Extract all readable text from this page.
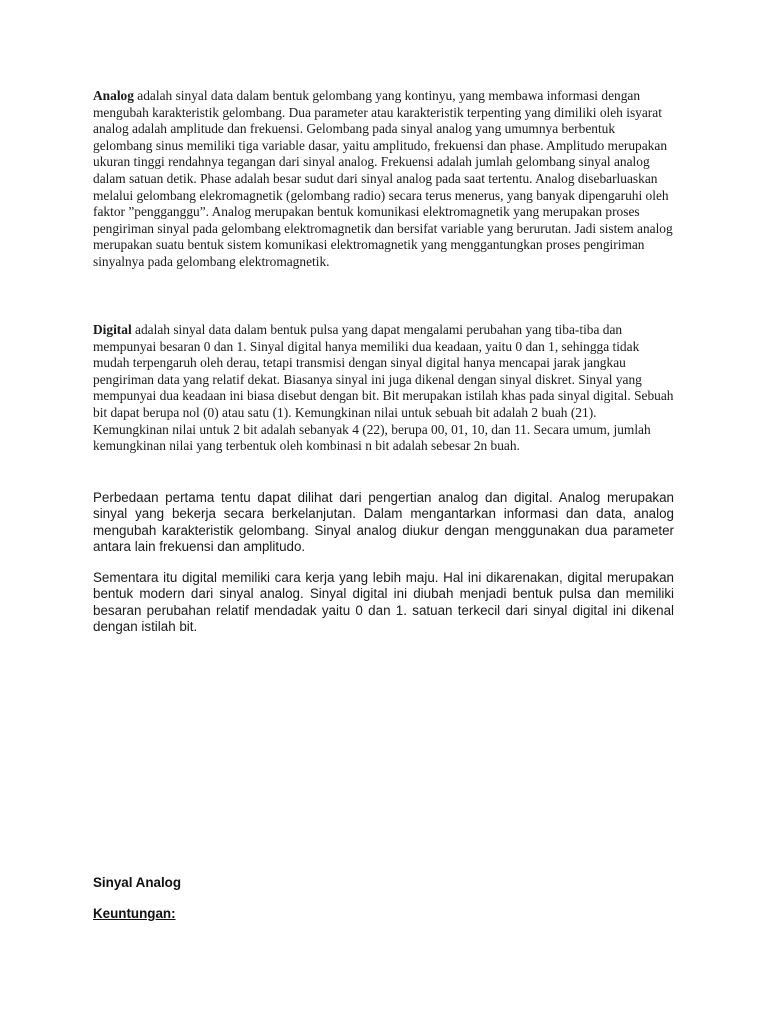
Analog adalah sinyal data dalam bentuk gelombang yang kontinyu, yang membawa informasi dengan mengubah karakteristik gelombang. Dua parameter atau karakteristik terpenting yang dimiliki oleh isyarat analog adalah amplitude dan frekuensi. Gelombang pada sinyal analog yang umumnya berbentuk gelombang sinus memiliki tiga variable dasar, yaitu amplitudo, frekuensi dan phase. Amplitudo merupakan ukuran tinggi rendahnya tegangan dari sinyal analog. Frekuensi adalah jumlah gelombang sinyal analog dalam satuan detik. Phase adalah besar sudut dari sinyal analog pada saat tertentu. Analog disebarluaskan melalui gelombang elekromagnetik (gelombang radio) secara terus menerus, yang banyak dipengaruhi oleh faktor ”pengganggu”. Analog merupakan bentuk komunikasi elektromagnetik yang merupakan proses pengiriman sinyal pada gelombang elektromagnetik dan bersifat variable yang berurutan. Jadi sistem analog merupakan suatu bentuk sistem komunikasi elektromagnetik yang menggantungkan proses pengiriman sinyalnya pada gelombang elektromagnetik.

Digital adalah sinyal data dalam bentuk pulsa yang dapat mengalami perubahan yang tiba-tiba dan mempunyai besaran 0 dan 1. Sinyal digital hanya memiliki dua keadaan, yaitu 0 dan 1, sehingga tidak mudah terpengaruh oleh derau, tetapi transmisi dengan sinyal digital hanya mencapai jarak jangkau pengiriman data yang relatif dekat. Biasanya sinyal ini juga dikenal dengan sinyal diskret. Sinyal yang mempunyai dua keadaan ini biasa disebut dengan bit. Bit merupakan istilah khas pada sinyal digital. Sebuah bit dapat berupa nol (0) atau satu (1). Kemungkinan nilai untuk sebuah bit adalah 2 buah (21). Kemungkinan nilai untuk 2 bit adalah sebanyak 4 (22), berupa 00, 01, 10, dan 11. Secara umum, jumlah kemungkinan nilai yang terbentuk oleh kombinasi n bit adalah sebesar 2n buah.

Perbedaan pertama tentu dapat dilihat dari pengertian analog dan digital. Analog merupakan sinyal yang bekerja secara berkelanjutan. Dalam mengantarkan informasi dan data, analog mengubah karakteristik gelombang. Sinyal analog diukur dengan menggunakan dua parameter antara lain frekuensi dan amplitudo.

Sementara itu digital memiliki cara kerja yang lebih maju. Hal ini dikarenakan, digital merupakan bentuk modern dari sinyal analog. Sinyal digital ini diubah menjadi bentuk pulsa dan memiliki besaran perubahan relatif mendadak yaitu 0 dan 1. satuan terkecil dari sinyal digital ini dikenal dengan istilah bit.

Sinyal Analog

Keuntungan:
